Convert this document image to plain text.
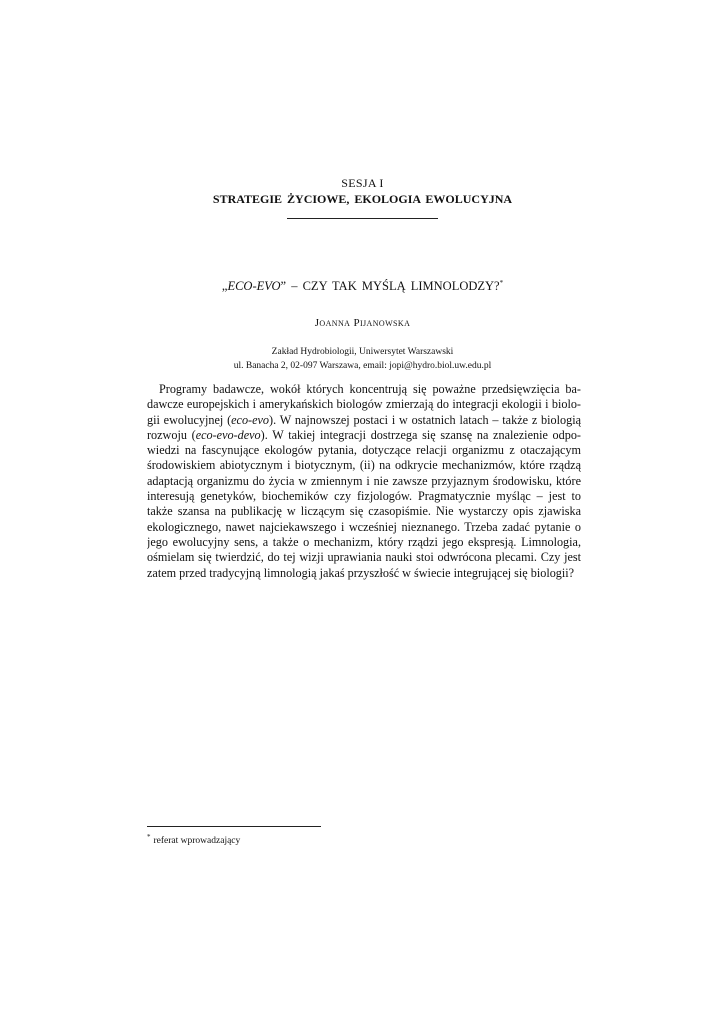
SESJA I
STRATEGIE ŻYCIOWE, EKOLOGIA EWOLUCYJNA
„ECO-EVO” – CZY TAK MYŚLĄ LIMNOLODZY?*
Joanna Pijanowska
Zakład Hydrobiologii, Uniwersytet Warszawski
ul. Banacha 2, 02-097 Warszawa, email: jopi@hydro.biol.uw.edu.pl
Programy badawcze, wokół których koncentrują się poważne przedsięwzięcia ba-
dawcze europejskich i amerykańskich biologów zmierzają do integracji ekologii i biolo-
gii ewolucyjnej (eco-evo). W najnowszej postaci i w ostatnich latach – także z biologią
rozwoju (eco-evo-devo). W takiej integracji dostrzega się szansę na znalezienie odpo-
wiedzi na fascynujące ekologów pytania, dotyczące relacji organizmu z otaczającym
środowiskiem abiotycznym i biotycznym, (ii) na odkrycie mechanizmów, które rządzą
adaptacją organizmu do życia w zmiennym i nie zawsze przyjaznym środowisku, które
interesują genetyków, biochemików czy fizjologów. Pragmatycznie myśląc – jest to
także szansa na publikację w liczącym się czasopiśmie. Nie wystarczy opis zjawiska
ekologicznego, nawet najciekawszego i wcześniej nieznanego. Trzeba zadać pytanie o
jego ewolucyjny sens, a także o mechanizm, który rządzi jego ekspresją. Limnologia,
ośmielam się twierdzić, do tej wizji uprawiania nauki stoi odwrócona plecami. Czy jest
zatem przed tradycyjną limnologią jakaś przyszłość w świecie integrującej się biologii?
* referat wprowadzający
